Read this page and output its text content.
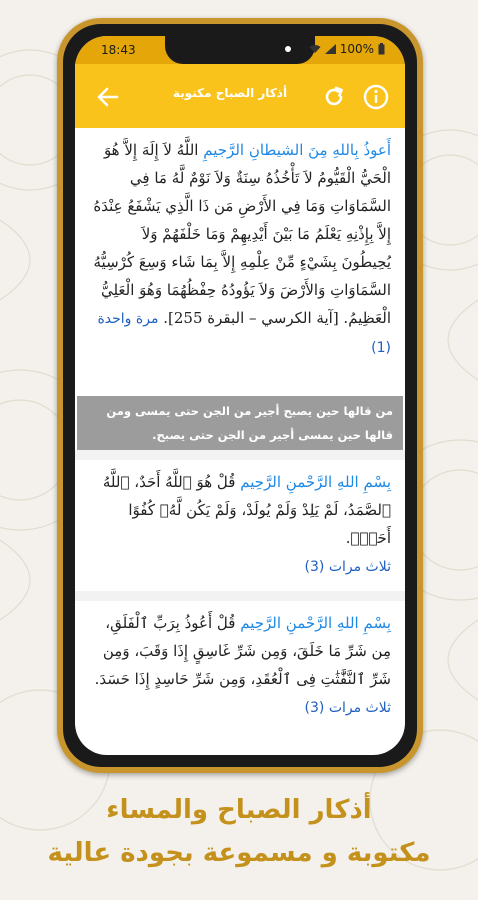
18:43	100%
أذكار الصباح مكتوبة
أَعوذُ بِاللهِ مِنَ الشيطانِ الرَّجيمِ اللَّهُ لاَ إِلَهَ إِلاَّ هُوَ الْحَيُّ الْقَيُّومُ لاَ تَأْخُذُهُ سِنَةٌ وَلاَ نَوْمٌ لَّهُ مَا فِي السَّمَاوَاتِ وَمَا فِي الأَرْضِ مَن ذَا الَّذِي يَشْفَعُ عِنْدَهُ إِلاَّ بِإِذْنِهِ يَعْلَمُ مَا بَيْنَ أَيْدِيهِمْ وَمَا خَلْفَهُمْ وَلاَ يُحِيطُونَ بِشَيْءٍ مِّنْ عِلْمِهِ إِلاَّ بِمَا شَاء وَسِعَ كُرْسِيُّهُ السَّمَاوَاتِ وَالأَرْضَ وَلاَ يَؤُودُهُ حِفْظُهُمَا وَهُوَ الْعَلِيُّ الْعَظِيمُ. [آية الكرسي – البقرة 255]. مرة واحدة (1)
من قالها حين يصبح أجير من الجن حتى يمسى ومن قالها حين يمسى أجير من الجن حتى يصبح.
بِسْمِ اللهِ الرَّحْمنِ الرَّحِيم قُلْ هُوَ ٱللَّهُ أَحَدٌ، ٱللَّهُ ٱلصَّمَدُ، لَمْ يَلِدْ وَلَمْ يُولَدْ، وَلَمْ يَكُن لَّهُۥ كُفُوًا أَحَدٌۢ.
ثلاث مرات (3)
بِسْمِ اللهِ الرَّحْمنِ الرَّحِيم قُلْ أَعُوذُ بِرَبِّ ٱلْفَلَقِ، مِن شَرِّ مَا خَلَقَ، وَمِن شَرِّ غَاسِقٍ إِذَا وَقَبَ، وَمِن شَرِّ ٱلنَّفَّٰثَٰتِ فِى ٱلْعُقَدِ، وَمِن شَرِّ حَاسِدٍ إِذَا حَسَدَ.
ثلاث مرات (3)
أذكار الصباح والمساء
مكتوبة و مسموعة بجودة عالية
